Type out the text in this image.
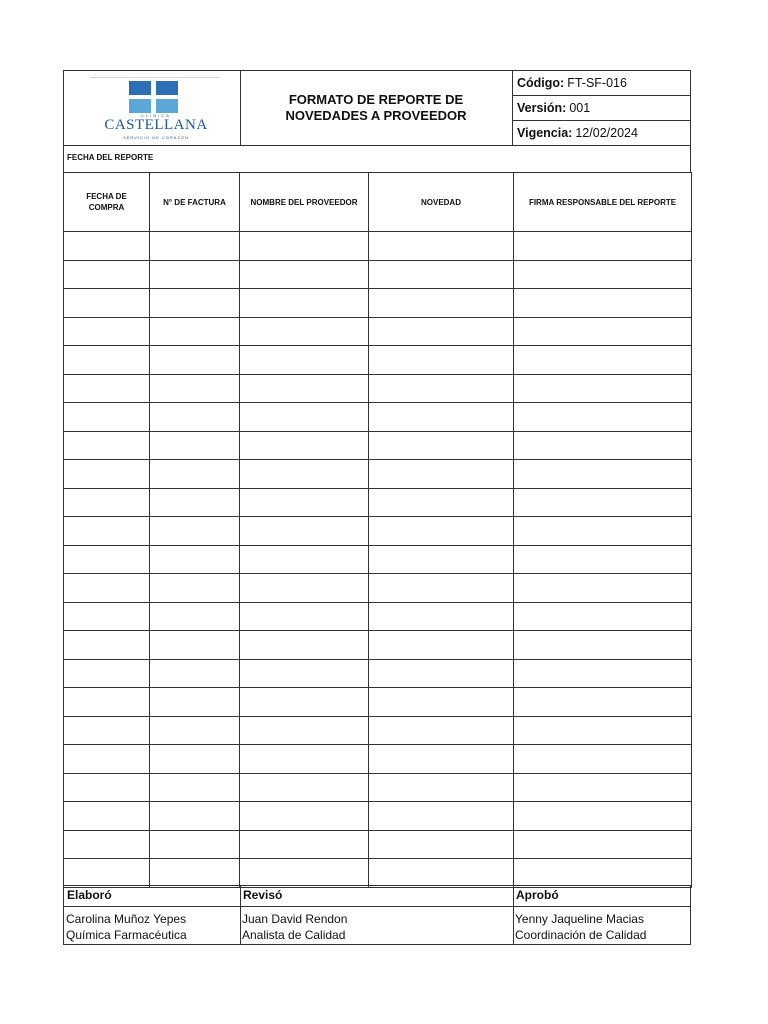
CLÍNICA
CASTELLANA
SERVICIO DE CORAZÓN
FORMATO DE REPORTE DE NOVEDADES A PROVEEDOR
Código: FT-SF-016
Versión: 001
Vigencia: 12/02/2024
FECHA DEL REPORTE
FECHA DE COMPRA	N° DE FACTURA	NOMBRE DEL PROVEEDOR	NOVEDAD	FIRMA RESPONSABLE DEL REPORTE

Elaboró
Carolina Muñoz Yepes
Química Farmacéutica
Revisó
Juan David Rendon
Analista de Calidad
Aprobó
Yenny Jaqueline Macias
Coordinación de Calidad
